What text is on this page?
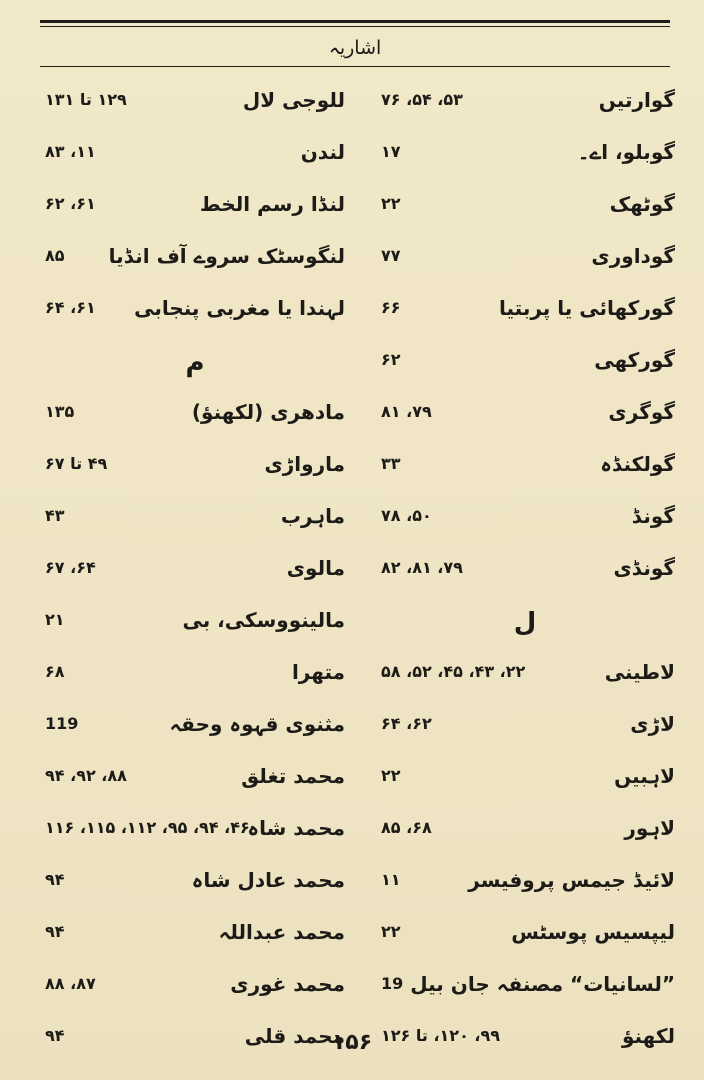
اشاریہ
گوارتیں
۵۳، ۵۴، ۷۶
گوبلو، اے۔
۱۷
گوٹھک
۲۲
گوداوری
۷۷
گورکھائی یا پربتیا
۶۶
گورکھی
۶۲
گوگری
۷۹، ۸۱
گولکنڈہ
۳۳
گونڈ
۵۰، ۷۸
گونڈی
۷۹، ۸۱، ۸۲
ل
لاطینی
۲۲، ۴۳، ۴۵، ۵۲، ۵۸
لاڑی
۶۲، ۶۴
لاہبیں
۲۲
لاہور
۶۸، ۸۵
لائیڈ جیمس پروفیسر
۱۱
لیپسیس پوسٹس
۲۲
”لسانیات“ مصنفہ جان بیل
19
لکھنؤ
۹۹، ۱۲۰، تا ۱۲۶
للوجی لال
۱۲۹ تا ۱۳۱
لندن
۱۱، ۸۳
لنڈا رسم الخط
۶۱، ۶۲
لنگوسٹک سروے آف انڈیا
۸۵
لہندا یا مغربی پنجابی
۶۱، ۶۴
م
مادھری (لکھنؤ)
۱۳۵
مارواڑی
۴۹ تا ۶۷
ماہرب
۴۳
مالوی
۶۴، ۶۷
مالینووسکی، بی
۲۱
متھرا
۶۸
مثنوی قہوہ وحقہ
119
محمد تغلق
۸۸، ۹۲، ۹۴
محمد شاہ
۴۶، ۹۴، ۹۵، ۱۱۲، ۱۱۵، ۱۱۶
محمد عادل شاہ
۹۴
محمد عبداللہ
۹۴
محمد غوری
۸۷، ۸۸
محمد قلی
۹۴	۱۵۶
